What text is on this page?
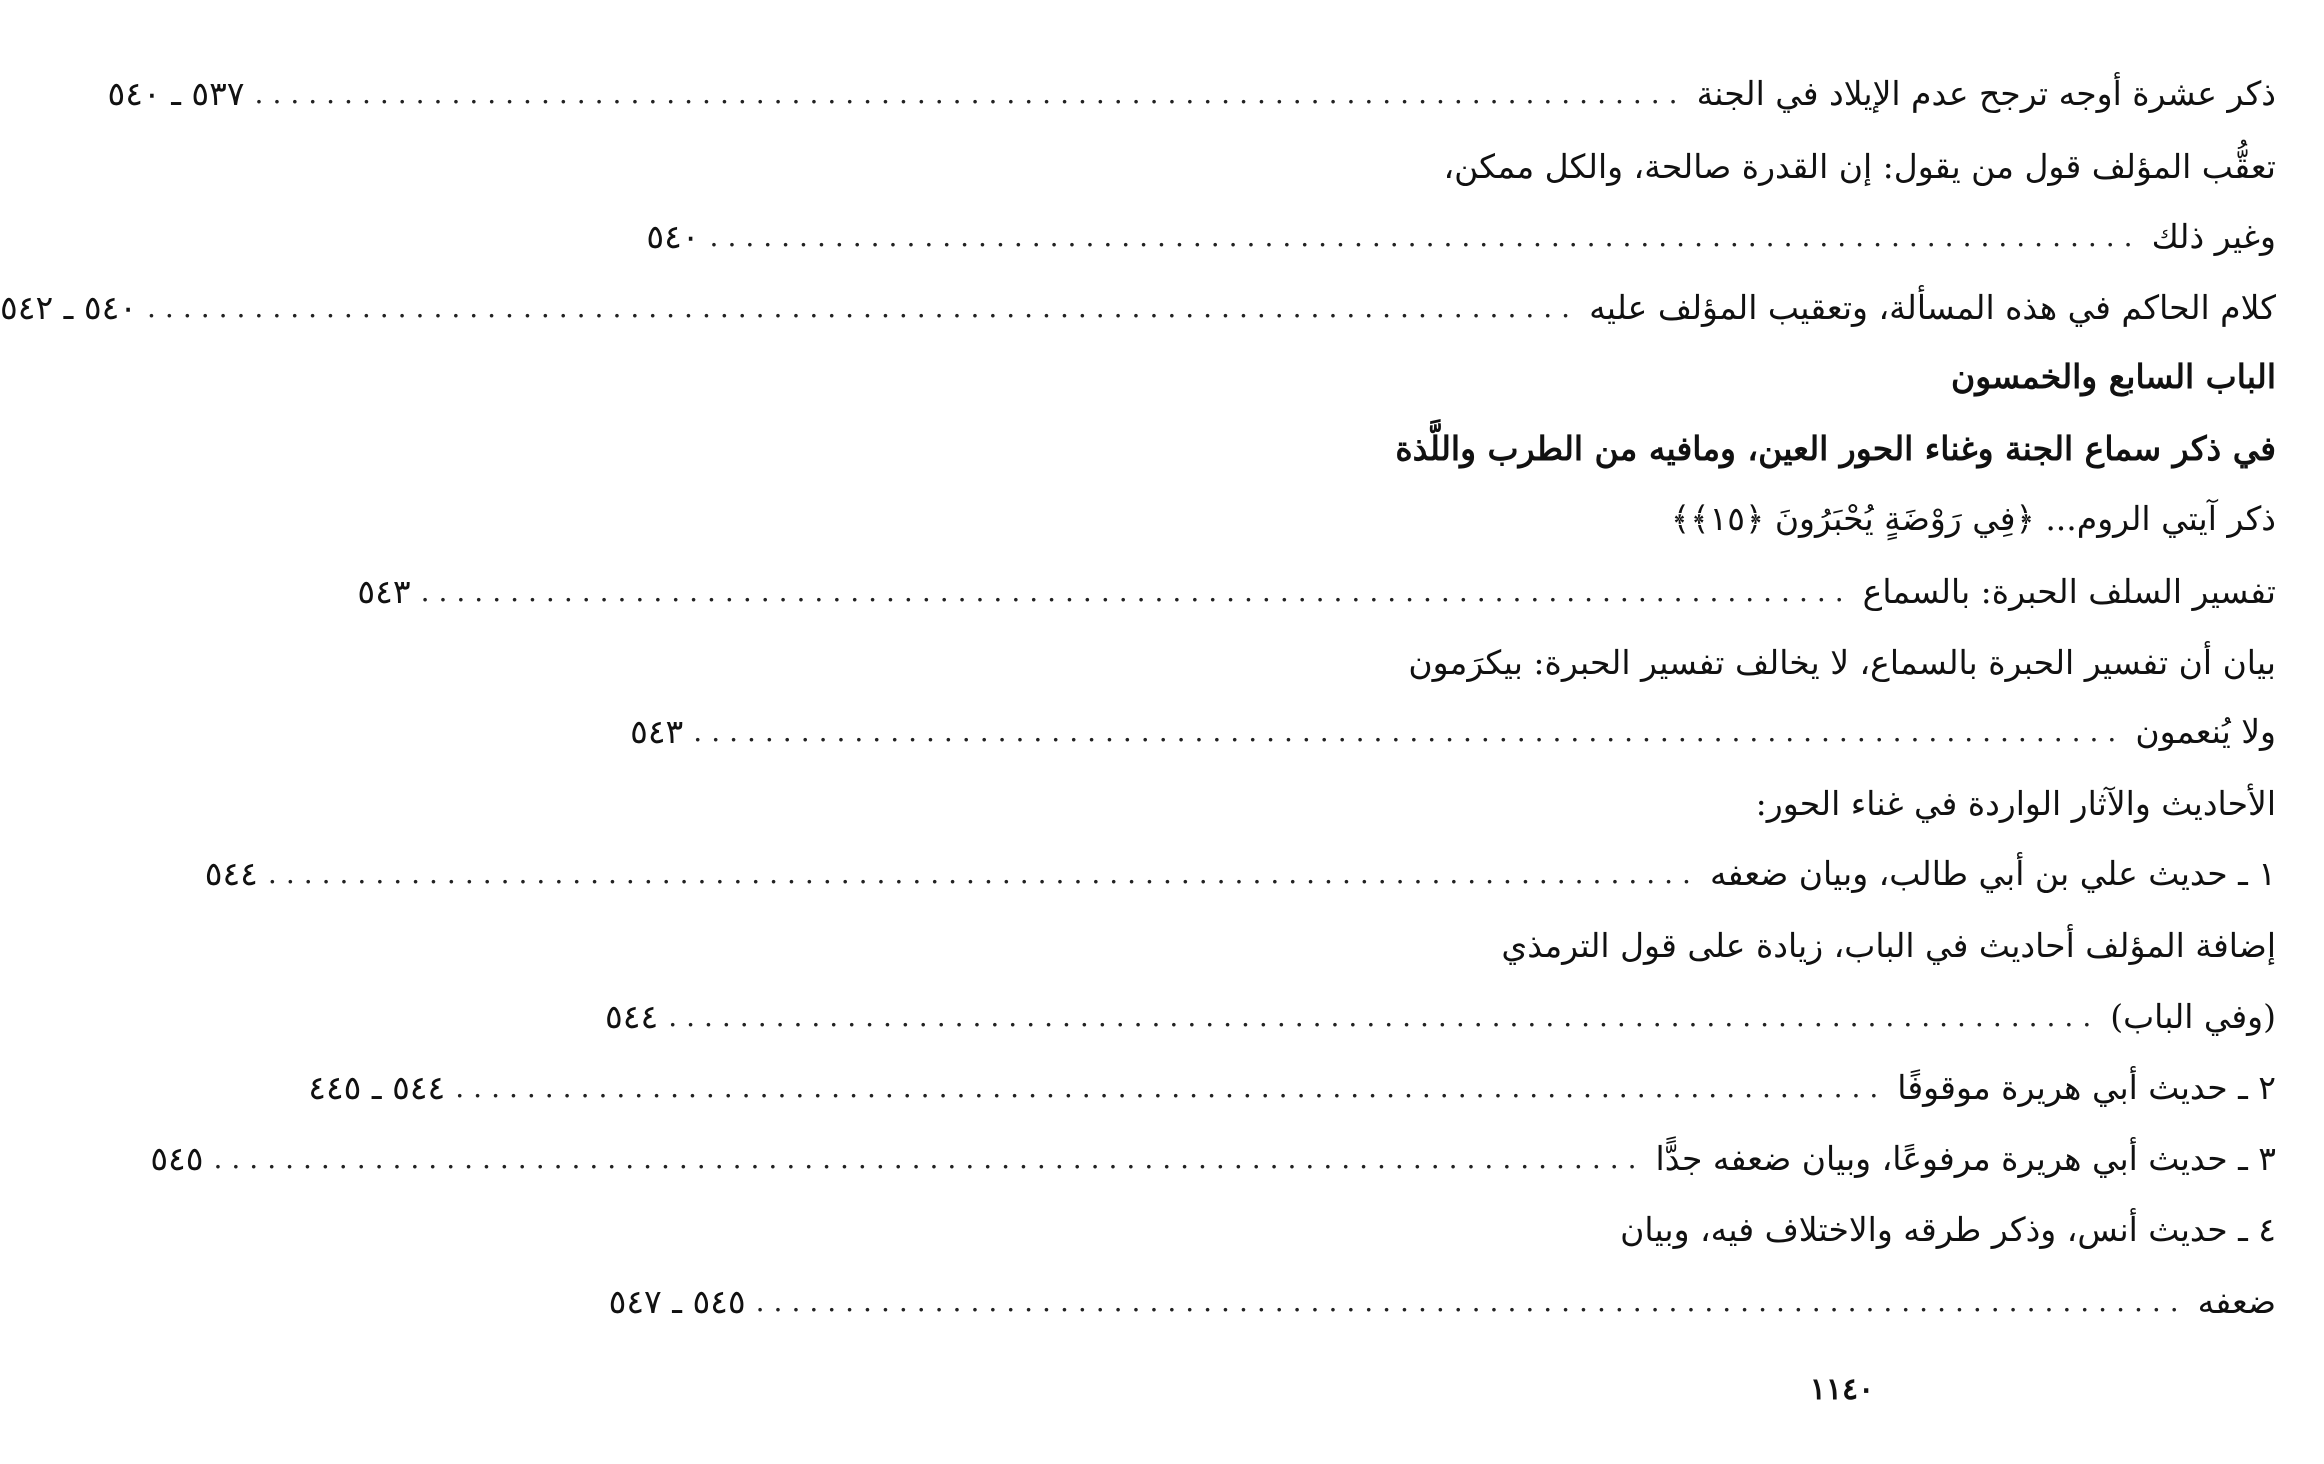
ذكر عشرة أوجه ترجح عدم الإيلاد في الجنة
................................................................................
٥٣٧ ـ ٥٤٠
تعقُّب المؤلف قول من يقول: إن القدرة صالحة، والكل ممكن،
وغير ذلك
................................................................................
٥٤٠
كلام الحاكم في هذه المسألة، وتعقيب المؤلف عليه
................................................................................
٥٤٠ ـ ٥٤٢
الباب السابع والخمسون
في ذكر سماع الجنة وغناء الحور العين، ومافيه من الطرب واللَّذة
ذكر آيتي الروم... ﴿فِي رَوْضَةٍ يُحْبَرُونَ ﴿١٥﴾﴾
تفسير السلف الحبرة: بالسماع
................................................................................
٥٤٣
بيان أن تفسير الحبرة بالسماع، لا يخالف تفسير الحبرة: بيكرَمون
ولا يُنعمون
................................................................................
٥٤٣
الأحاديث والآثار الواردة في غناء الحور:
١ ـ حديث علي بن أبي طالب، وبيان ضعفه
................................................................................
٥٤٤
إضافة المؤلف أحاديث في الباب، زيادة على قول الترمذي
(وفي الباب)
................................................................................
٥٤٤
٢ ـ حديث أبي هريرة موقوفًا
................................................................................
٥٤٤ ـ ٤٤٥
٣ ـ حديث أبي هريرة مرفوعًا، وبيان ضعفه جدًّا
................................................................................
٥٤٥
٤ ـ حديث أنس، وذكر طرقه والاختلاف فيه، وبيان
ضعفه
................................................................................
٥٤٥ ـ ٥٤٧
١١٤٠
